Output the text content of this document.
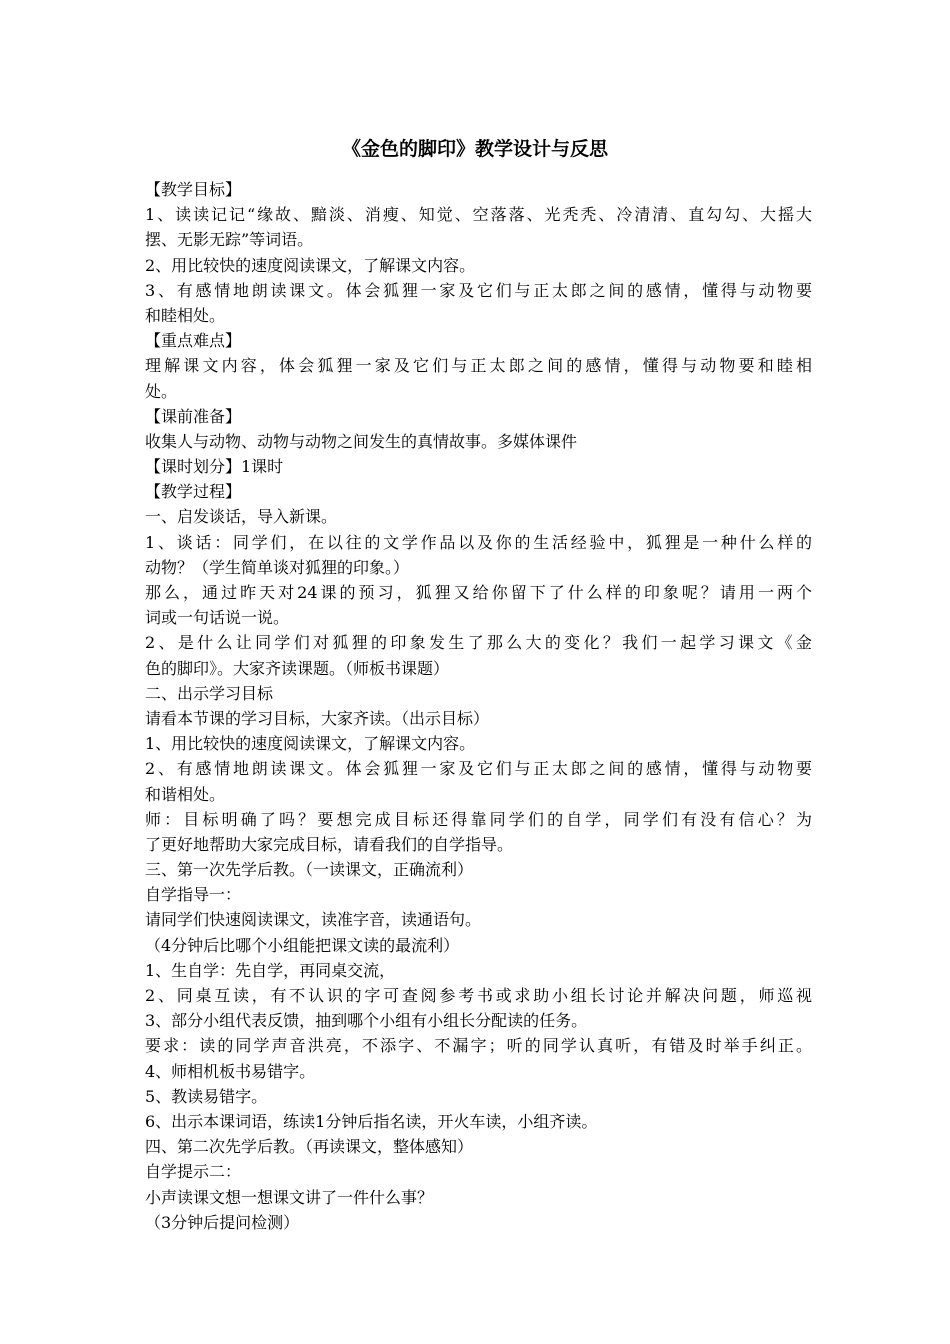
《金色的脚印》教学设计与反思
【教学目标】
1、读读记记“缘故、黯淡、消瘦、知觉、空落落、光秃秃、冷清清、直勾勾、大摇大
摆、无影无踪”等词语。
2、用比较快的速度阅读课文，了解课文内容。
3、有感情地朗读课文。体会狐狸一家及它们与正太郎之间的感情，懂得与动物要
和睦相处。
【重点难点】
理解课文内容，体会狐狸一家及它们与正太郎之间的感情，懂得与动物要和睦相
处。
【课前准备】
收集人与动物、动物与动物之间发生的真情故事。多媒体课件
【课时划分】1课时
【教学过程】
一、启发谈话，导入新课。
1、谈话：同学们，在以往的文学作品以及你的生活经验中，狐狸是一种什么样的
动物？（学生简单谈对狐狸的印象。）
那么，通过昨天对24课的预习，狐狸又给你留下了什么样的印象呢？请用一两个
词或一句话说一说。
2、是什么让同学们对狐狸的印象发生了那么大的变化？我们一起学习课文《金
色的脚印》。大家齐读课题。（师板书课题）
二、出示学习目标
请看本节课的学习目标，大家齐读。（出示目标）
1、用比较快的速度阅读课文，了解课文内容。
2、有感情地朗读课文。体会狐狸一家及它们与正太郎之间的感情，懂得与动物要
和谐相处。
师：目标明确了吗？要想完成目标还得靠同学们的自学，同学们有没有信心？为
了更好地帮助大家完成目标，请看我们的自学指导。
三、第一次先学后教。（一读课文，正确流利）
自学指导一：
请同学们快速阅读课文，读准字音，读通语句。
（4分钟后比哪个小组能把课文读的最流利）
1、生自学：先自学，再同桌交流，
2、同桌互读，有不认识的字可查阅参考书或求助小组长讨论并解决问题，师巡视
3、部分小组代表反馈，抽到哪个小组有小组长分配读的任务。
要求：读的同学声音洪亮，不添字、不漏字；听的同学认真听，有错及时举手纠正。
4、师相机板书易错字。
5、教读易错字。
6、出示本课词语，练读1分钟后指名读，开火车读，小组齐读。
四、第二次先学后教。（再读课文，整体感知）
自学提示二：
小声读课文想一想课文讲了一件什么事？
（3分钟后提问检测）
